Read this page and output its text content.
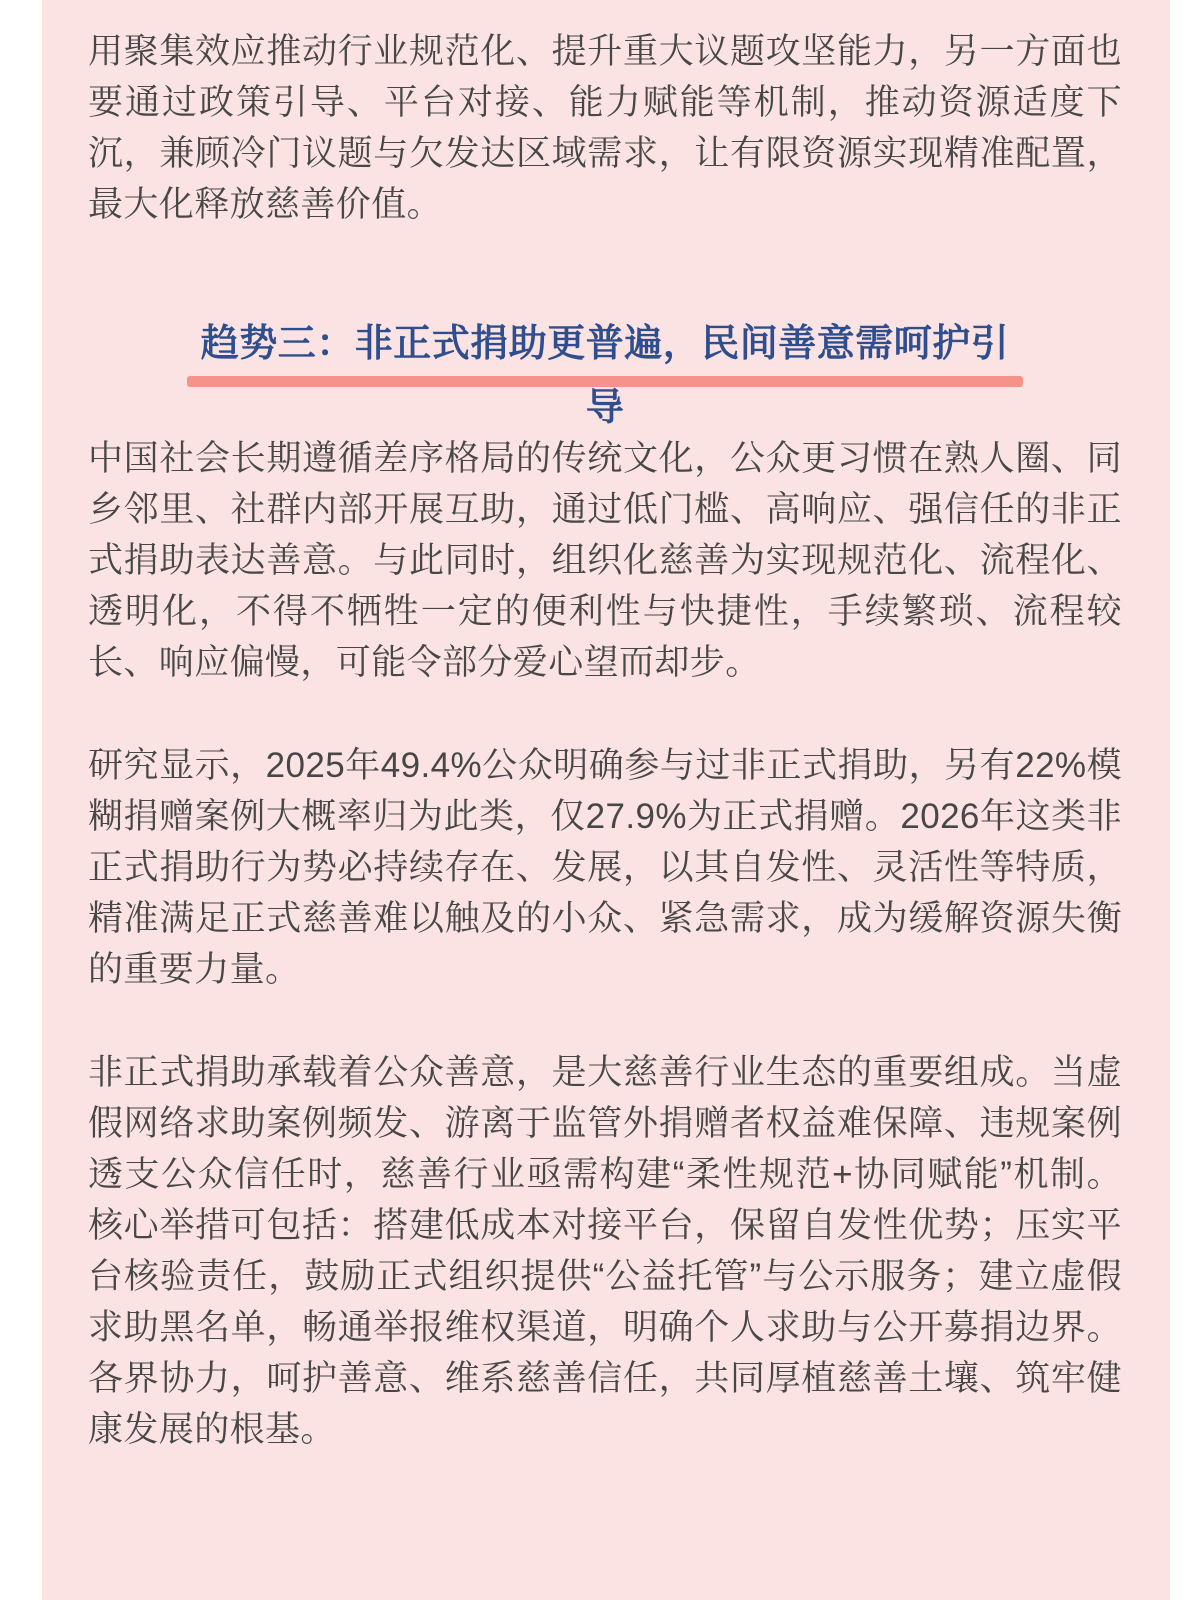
用聚集效应推动行业规范化、提升重大议题攻坚能力，另一方面也要通过政策引导、平台对接、能力赋能等机制，推动资源适度下沉，兼顾冷门议题与欠发达区域需求，让有限资源实现精准配置，最大化释放慈善价值。

趋势三：非正式捐助更普遍，民间善意需呵护引
导

中国社会长期遵循差序格局的传统文化，公众更习惯在熟人圈、同乡邻里、社群内部开展互助，通过低门槛、高响应、强信任的非正式捐助表达善意。与此同时，组织化慈善为实现规范化、流程化、透明化，不得不牺牲一定的便利性与快捷性，手续繁琐、流程较长、响应偏慢，可能令部分爱心望而却步。

研究显示，2025年49.4%公众明确参与过非正式捐助，另有22%模糊捐赠案例大概率归为此类，仅27.9%为正式捐赠。2026年这类非正式捐助行为势必持续存在、发展，以其自发性、灵活性等特质，精准满足正式慈善难以触及的小众、紧急需求，成为缓解资源失衡的重要力量。

非正式捐助承载着公众善意，是大慈善行业生态的重要组成。当虚假网络求助案例频发、游离于监管外捐赠者权益难保障、违规案例透支公众信任时，慈善行业亟需构建“柔性规范+协同赋能”机制。核心举措可包括：搭建低成本对接平台，保留自发性优势；压实平台核验责任，鼓励正式组织提供“公益托管”与公示服务；建立虚假求助黑名单，畅通举报维权渠道，明确个人求助与公开募捐边界。各界协力，呵护善意、维系慈善信任，共同厚植慈善土壤、筑牢健康发展的根基。
